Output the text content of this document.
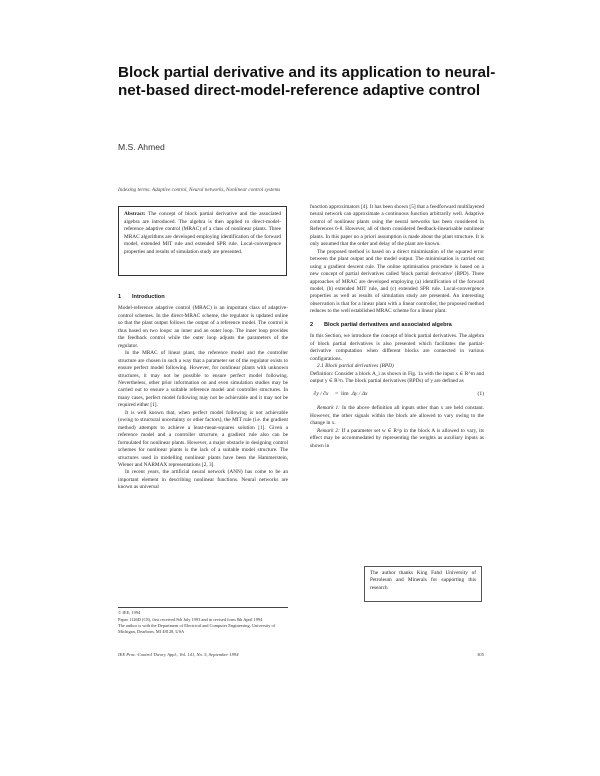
Block partial derivative and its application to neural-net-based direct-model-reference adaptive control
M.S. Ahmed
Indexing terms: Adaptive control, Neural networks, Nonlinear control systems
Abstract: The concept of block partial derivative and the associated algebra are introduced. The algebra is then applied to direct-model-reference adaptive control (MRAC) of a class of nonlinear plants. Three MRAC algorithms are developed employing identification of the forward model, extended MIT rule and extended SPR rule. Local-convergence properties and results of simulation study are presented.
1 Introduction

Model-reference adaptive control (MRAC) is an important class of adaptive-control schemes. In the direct-MRAC scheme, the regulator is updated online so that the plant output follows the output of a reference model. The control is thus based on two loops: an inner and an outer loop. The inner loop provides the feedback control while the outer loop adjusts the parameters of the regulator.

In the MRAC of linear plant, the reference model and the controller structure are chosen in such a way that a parameter set of the regulator exists to ensure perfect model following. However, for nonlinear plants with unknown structures, it may not be possible to ensure perfect model following. Nevertheless, other prior information on and even simulation studies may be carried out to ensure a suitable reference model and controller structures. In many cases, perfect model following may not be achievable and it may not be required either [1].

It is well known that, when perfect model following is not achievable (owing to structural uncertainty or other factors), the MIT rule (i.e. the gradient method) attempts to achieve a least-mean-squares solution [1]. Given a reference model and a controller structure, a gradient rule also can be formulated for nonlinear plants. However, a major obstacle in designing control schemes for nonlinear plants is the lack of a suitable model structure. The structures used in modelling nonlinear plants have been the Hammerstein, Wiener and NARMAX representations [2, 3].

In recent years, the artificial neural network (ANN) has come to be an important element in describing nonlinear functions. Neural networks are known as universal

© IEE, 1994

Paper 1126D (C8), first received 8th July 1993 and in revised form 8th April 1994

The author is with the Department of Electrical and Computer Engineering, University of Michigan, Dearborn, MI 48128, USA

function approximators [4]. It has been shown [5] that a feedforward multilayered neural network can approximate a continuous function arbitrarily well. Adaptive control of nonlinear plants using the neural networks has been considered in References 6-8. However, all of them considered feedback-linearisable nonlinear plants. In this paper no a priori assumption is made about the plant structure. It is only assumed that the order and delay of the plant are known.

The proposed method is based on a direct minimisation of the squared error between the plant output and the model output. The minimisation is carried out using a gradient descent rule. The online optimisation procedure is based on a new concept of partial derivatives called 'block partial derivative' (BPD). Three approaches of MRAC are developed employing (a) identification of the forward model, (b) extended MIT rule, and (c) extended SPR rule. Local-convergence properties as well as results of simulation study are presented. An interesting observation is that for a linear plant with a linear controller, the proposed method reduces to the well established MRAC scheme for a linear plant.

2 Block partial derivatives and associated algebra

In this Section, we introduce the concept of block partial derivatives. The algebra of block partial derivatives is also presented which facilitates the partial-derivative computation when different blocks are connected in various configurations.

2.1 Block partial derivatives (BPD)

Definition: Consider a block A_i as shown in Fig. 1a with the input x ∈ R^m and output y ∈ R^n. The block partial derivatives (BPDs) of y are defined as

∂y / ∂x	= lim Δy / Δx	(1)

Remark 1: In the above definition all inputs other than x are held constant. However, the other signals within the block are allowed to vary owing to the change in x.

Remark 2: If a parameter set w ∈ R^p in the block A is allowed to vary, its effect may be accommodated by representing the weights as auxiliary inputs as shown in

The author thanks King Fahd University of Petroleum and Minerals for supporting this research
IEE Proc.-Control Theory Appl., Vol. 141, No. 5, September 1994	305
